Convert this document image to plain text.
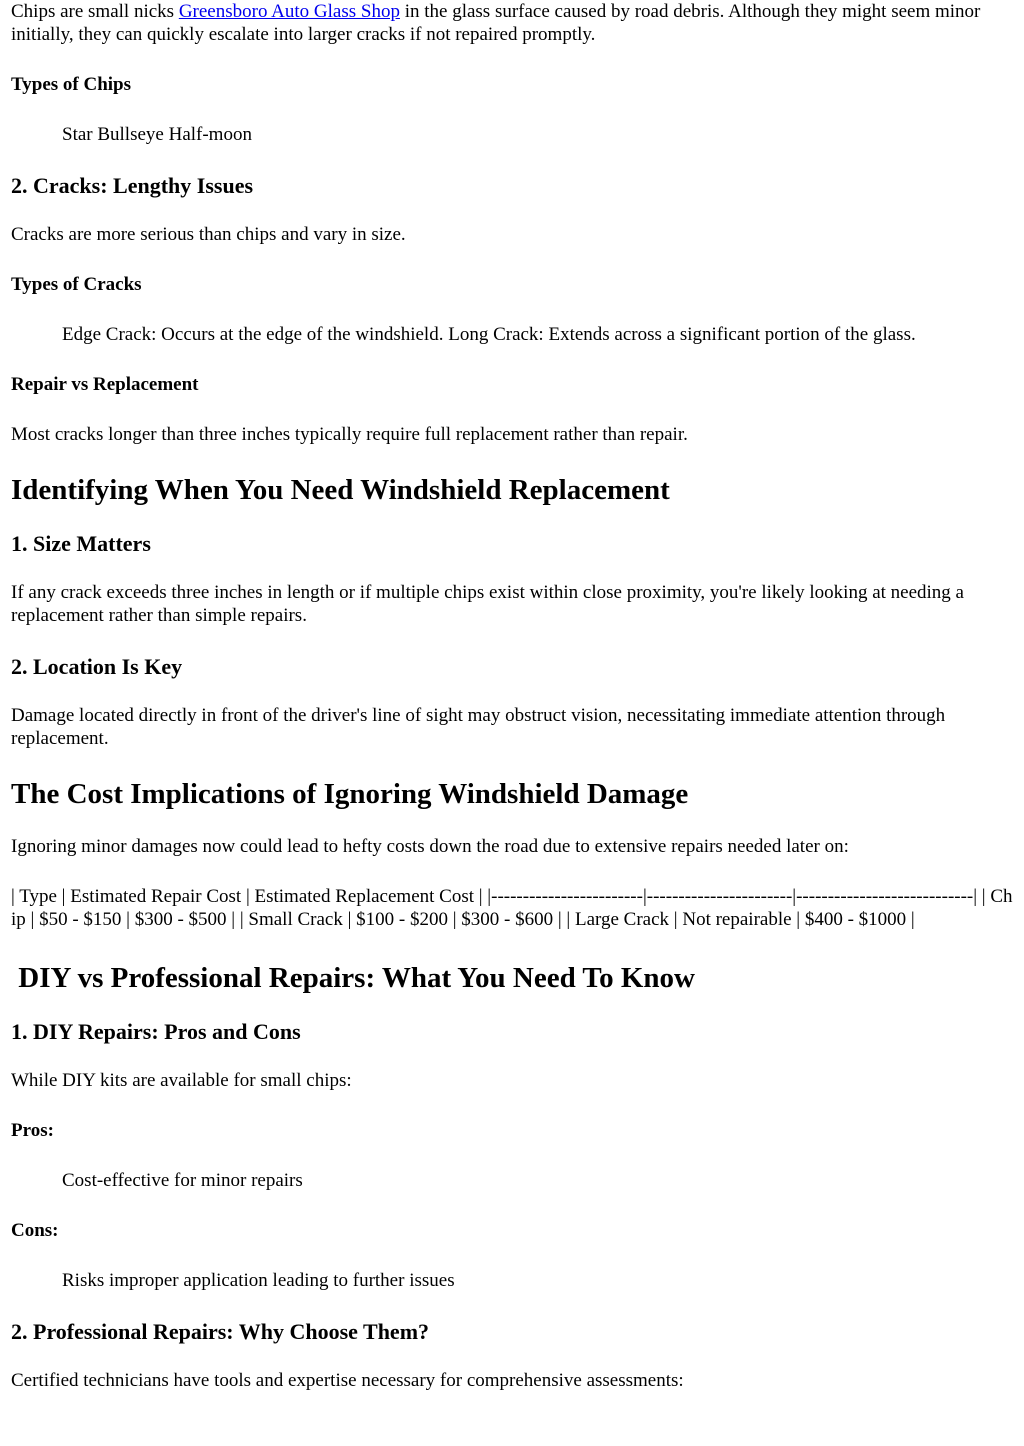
Chips are small nicks Greensboro Auto Glass Shop in the glass surface caused by road debris. Although they might seem minor initially, they can quickly escalate into larger cracks if not repaired promptly.

Types of Chips

Star Bullseye Half-moon

2. Cracks: Lengthy Issues

Cracks are more serious than chips and vary in size.

Types of Cracks

Edge Crack: Occurs at the edge of the windshield. Long Crack: Extends across a significant portion of the glass.

Repair vs Replacement

Most cracks longer than three inches typically require full replacement rather than repair.

Identifying When You Need Windshield Replacement
1. Size Matters

If any crack exceeds three inches in length or if multiple chips exist within close proximity, you're likely looking at needing a replacement rather than simple repairs.

2. Location Is Key

Damage located directly in front of the driver's line of sight may obstruct vision, necessitating immediate attention through replacement.

The Cost Implications of Ignoring Windshield Damage

Ignoring minor damages now could lead to hefty costs down the road due to extensive repairs needed later on:

| Type | Estimated Repair Cost | Estimated Replacement Cost | |------------------------|-----------------------|----------------------------| | Chip | $50 - $150 | $300 - $500 | | Small Crack | $100 - $200 | $300 - $600 | | Large Crack | Not repairable | $400 - $1000 |

DIY vs Professional Repairs: What You Need To Know
1. DIY Repairs: Pros and Cons

While DIY kits are available for small chips:

Pros:

Cost-effective for minor repairs

Cons:

Risks improper application leading to further issues

2. Professional Repairs: Why Choose Them?

Certified technicians have tools and expertise necessary for comprehensive assessments:
